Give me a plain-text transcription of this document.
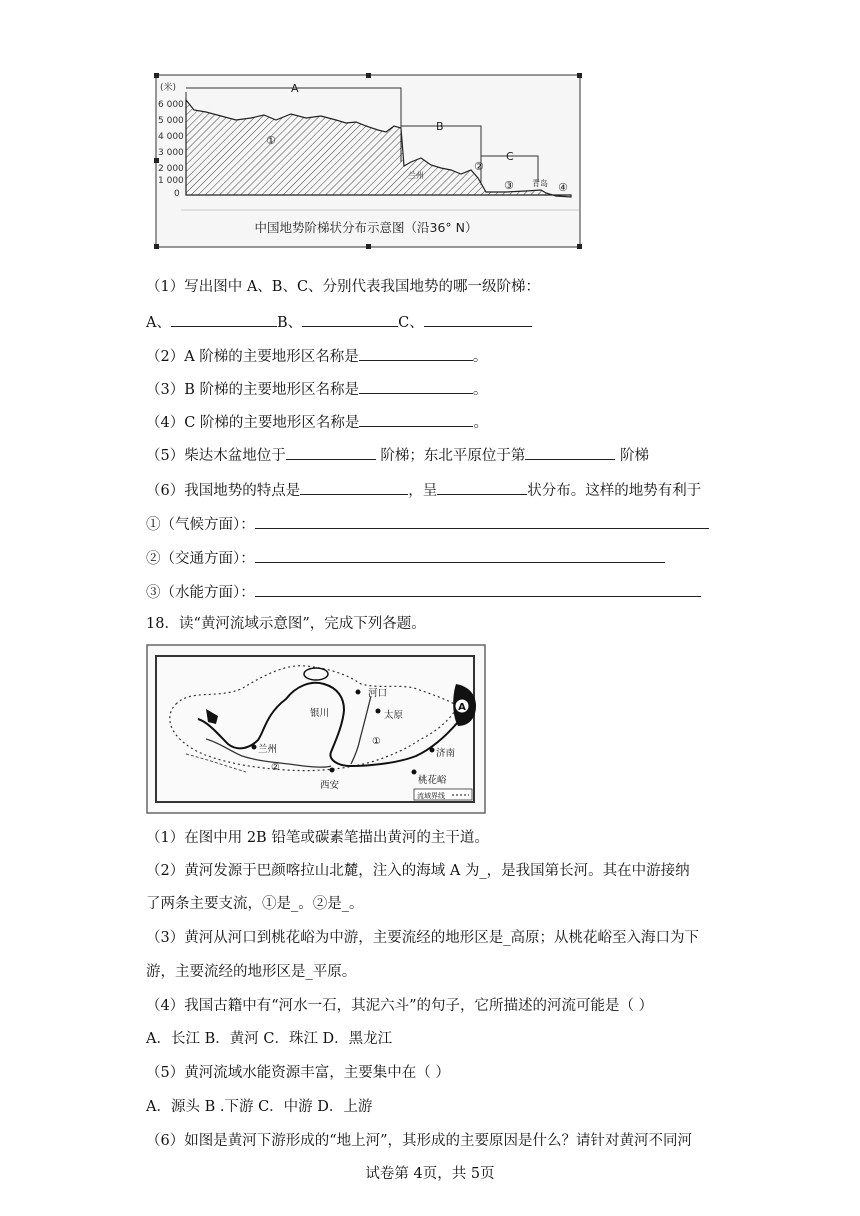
(米)
6 000
5 000
4 000
3 000
2 000
1 000
0
A
B
C
①
②
③	④
兰州
青岛
中国地势阶梯状分布示意图（沿36° N）
（1）写出图中 A、B、C、分别代表我国地势的哪一级阶梯：
A、	B、	C、
（2）A 阶梯的主要地形区名称是	。
（3）B 阶梯的主要地形区名称是	。
（4）C 阶梯的主要地形区名称是	。
（5）柴达木盆地位于	阶梯；东北平原位于第	阶梯
（6）我国地势的特点是	，呈	状分布。这样的地势有利于
①（气候方面）：
②（交通方面）：
③（水能方面）：
18．读“黄河流域示意图”，完成下列各题。
A
河口
太原
兰州
西安
济南
桃花峪
银川
①
②
流域界线
（1）在图中用 2B 铅笔或碳素笔描出黄河的主干道。
（2）黄河发源于巴颜喀拉山北麓，注入的海域 A 为_，是我国第长河。其在中游接纳
了两条主要支流，①是_。②是_。
（3）黄河从河口到桃花峪为中游，主要流经的地形区是_高原；从桃花峪至入海口为下
游，主要流经的地形区是_平原。
（4）我国古籍中有“河水一石，其泥六斗”的句子，它所描述的河流可能是（ ）
A．长江 B．黄河 C．珠江 D．黑龙江
（5）黄河流域水能资源丰富，主要集中在（ ）
A．源头 B .下游 C．中游 D．上游
（6）如图是黄河下游形成的“地上河”，其形成的主要原因是什么？请针对黄河不同河
试卷第 4页，共 5页
